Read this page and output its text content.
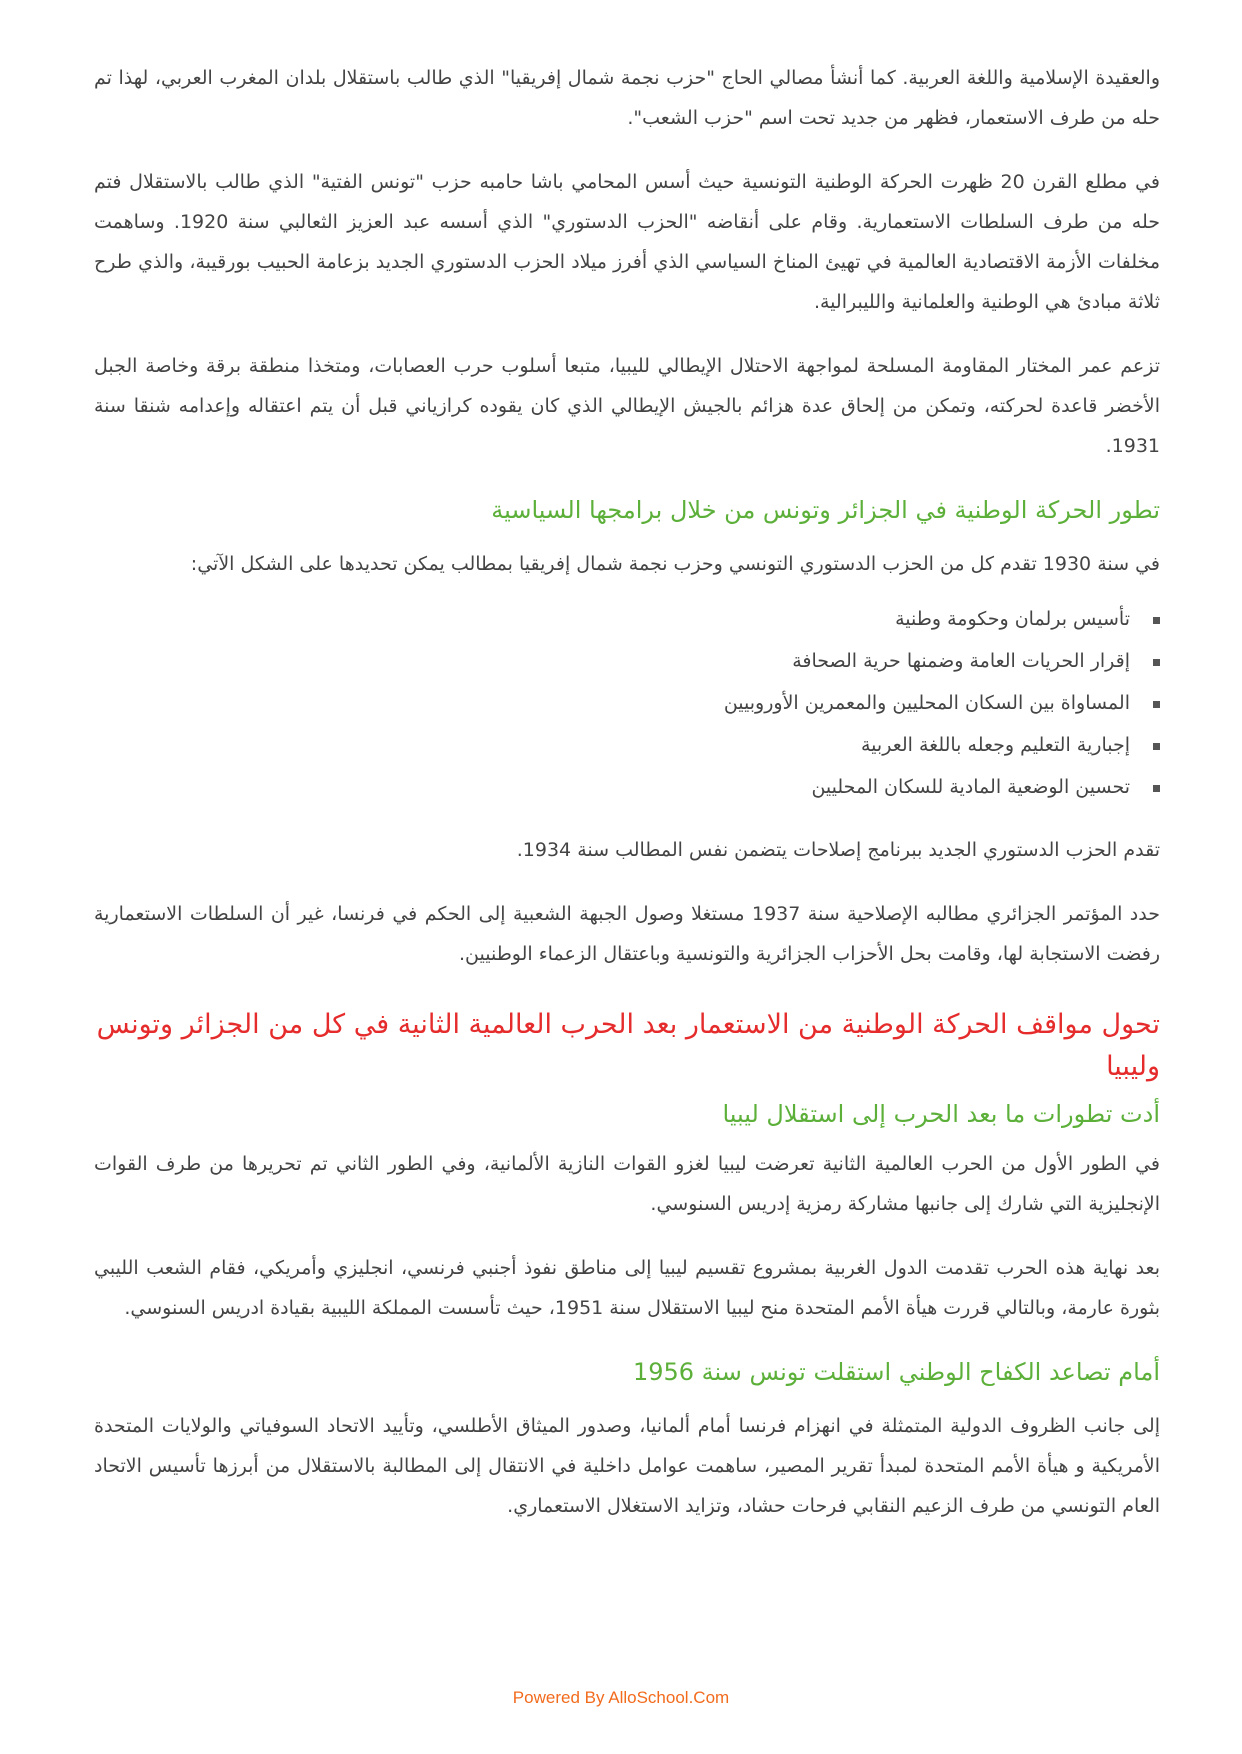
والعقيدة الإسلامية واللغة العربية. كما أنشأ مصالي الحاج "حزب نجمة شمال إفريقيا" الذي طالب باستقلال بلدان المغرب العربي، لهذا تم حله من طرف الاستعمار، فظهر من جديد تحت اسم "حزب الشعب".

في مطلع القرن 20 ظهرت الحركة الوطنية التونسية حيث أسس المحامي باشا حامبه حزب "تونس الفتية" الذي طالب بالاستقلال فتم حله من طرف السلطات الاستعمارية. وقام على أنقاضه "الحزب الدستوري" الذي أسسه عبد العزيز الثعالبي سنة 1920. وساهمت مخلفات الأزمة الاقتصادية العالمية في تهيئ المناخ السياسي الذي أفرز ميلاد الحزب الدستوري الجديد بزعامة الحبيب بورقيبة، والذي طرح ثلاثة مبادئ هي الوطنية والعلمانية والليبرالية.

تزعم عمر المختار المقاومة المسلحة لمواجهة الاحتلال الإيطالي لليبيا، متبعا أسلوب حرب العصابات، ومتخذا منطقة برقة وخاصة الجبل الأخضر قاعدة لحركته، وتمكن من إلحاق عدة هزائم بالجيش الإيطالي الذي كان يقوده كرازياني قبل أن يتم اعتقاله وإعدامه شنقا سنة 1931.

تطور الحركة الوطنية في الجزائر وتونس من خلال برامجها السياسية

في سنة 1930 تقدم كل من الحزب الدستوري التونسي وحزب نجمة شمال إفريقيا بمطالب يمكن تحديدها على الشكل الآتي:

تأسيس برلمان وحكومة وطنية
إقرار الحريات العامة وضمنها حرية الصحافة
المساواة بين السكان المحليين والمعمرين الأوروبيين
إجبارية التعليم وجعله باللغة العربية
تحسين الوضعية المادية للسكان المحليين

تقدم الحزب الدستوري الجديد ببرنامج إصلاحات يتضمن نفس المطالب سنة 1934.

حدد المؤتمر الجزائري مطالبه الإصلاحية سنة 1937 مستغلا وصول الجبهة الشعبية إلى الحكم في فرنسا، غير أن السلطات الاستعمارية رفضت الاستجابة لها، وقامت بحل الأحزاب الجزائرية والتونسية وباعتقال الزعماء الوطنيين.

تحول مواقف الحركة الوطنية من الاستعمار بعد الحرب العالمية الثانية في كل من الجزائر وتونس وليبيا
أدت تطورات ما بعد الحرب إلى استقلال ليبيا

في الطور الأول من الحرب العالمية الثانية تعرضت ليبيا لغزو القوات النازية الألمانية، وفي الطور الثاني تم تحريرها من طرف القوات الإنجليزية التي شارك إلى جانبها مشاركة رمزية إدريس السنوسي.

بعد نهاية هذه الحرب تقدمت الدول الغربية بمشروع تقسيم ليبيا إلى مناطق نفوذ أجنبي فرنسي، انجليزي وأمريكي، فقام الشعب الليبي بثورة عارمة، وبالتالي قررت هيأة الأمم المتحدة منح ليبيا الاستقلال سنة 1951، حيث تأسست المملكة الليبية بقيادة ادريس السنوسي.

أمام تصاعد الكفاح الوطني استقلت تونس سنة 1956

إلى جانب الظروف الدولية المتمثلة في انهزام فرنسا أمام ألمانيا، وصدور الميثاق الأطلسي، وتأييد الاتحاد السوفياتي والولايات المتحدة الأمريكية و هيأة الأمم المتحدة لمبدأ تقرير المصير، ساهمت عوامل داخلية في الانتقال إلى المطالبة بالاستقلال من أبرزها تأسيس الاتحاد العام التونسي من طرف الزعيم النقابي فرحات حشاد، وتزايد الاستغلال الاستعماري.

Powered By AlloSchool.Com
